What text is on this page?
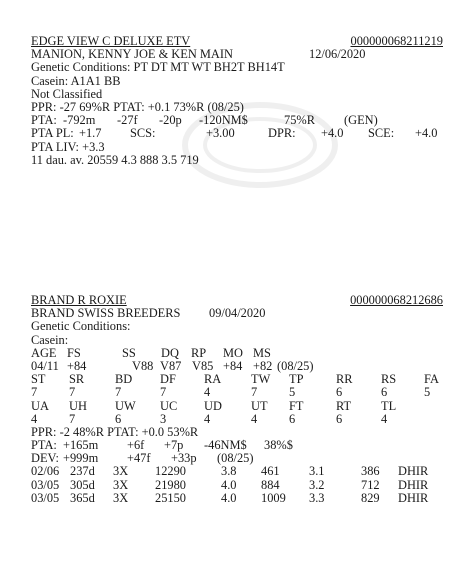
EDGE VIEW C DELUXE ETV	000000068211219
MANION, KENNY JOE & KEN MAIN	12/06/2020
Genetic Conditions: PT DT MT WT BH2T BH14T
Casein: A1A1 BB
Not Classified
PPR: -27 69%R PTAT: +0.1 73%R (08/25)
PTA: -792m -27f -20p -120NM$	75%R (GEN)
PTA PL: +1.7 SCS:	+3.00	DPR: +4.0 SCE: +4.0
PTA LIV: +3.3
11 dau. av. 20559 4.3 888 3.5 719
BRAND R ROXIE	000000068212686
BRAND SWISS BREEDERS 09/04/2020
Genetic Conditions:
Casein:
AGE FS	SS DQ RP MO MS
04/11 +84	V88 V87 V85 +84 +82 (08/25)
ST SR BD DF RA TW TP	RR RS FA
7	7	7	7	4	7	5	6	6	5
UA UH UW UC UD UT FT	RT TL
4	7	6	3	4	4	6	6	4
PPR: -2 48%R PTAT: +0.0 53%R
PTA: +165m +6f +7p -46NM$ 38%$
DEV: +999m +47f +33p (08/25)
02/06 237d 3X 12290	3.8 461 3.1	386 DHIR
03/05 305d 3X 21980	4.0 884 3.2	712 DHIR
03/05 365d 3X 25150	4.0 1009 3.3	829 DHIR
